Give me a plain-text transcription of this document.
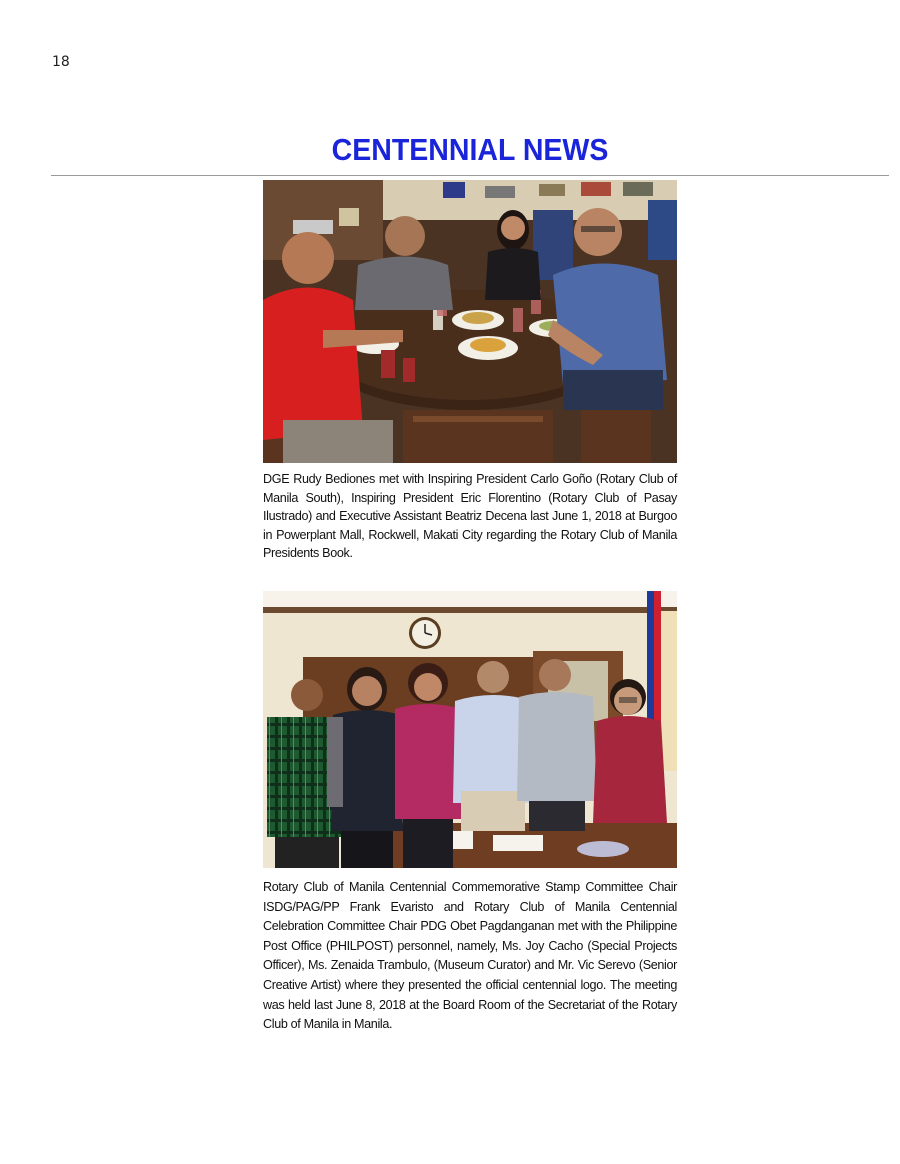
18
CENTENNIAL NEWS
DGE Rudy Bediones met with Inspiring President Carlo Goño (Rotary Club of Manila South), Inspiring President Eric Florentino (Rotary Club of Pasay Ilustrado) and Executive Assistant Beatriz Decena last June 1, 2018 at Burgoo in Powerplant Mall, Rockwell, Makati City regarding the Rotary Club of Manila Presidents Book.
Rotary Club of Manila Centennial Commemorative Stamp Committee Chair ISDG/PAG/PP Frank Evaristo and Rotary Club of Manila Centennial Celebration Committee Chair PDG Obet Pagdanganan met with the Philippine Post Office (PHILPOST) personnel, namely, Ms. Joy Cacho (Special Projects Officer), Ms. Zenaida Trambulo, (Museum Curator) and Mr. Vic Serevo (Senior Creative Artist) where they presented the official centennial logo. The meeting was held last June 8, 2018 at the Board Room of the Secretariat of the Rotary Club of Manila in Manila.
